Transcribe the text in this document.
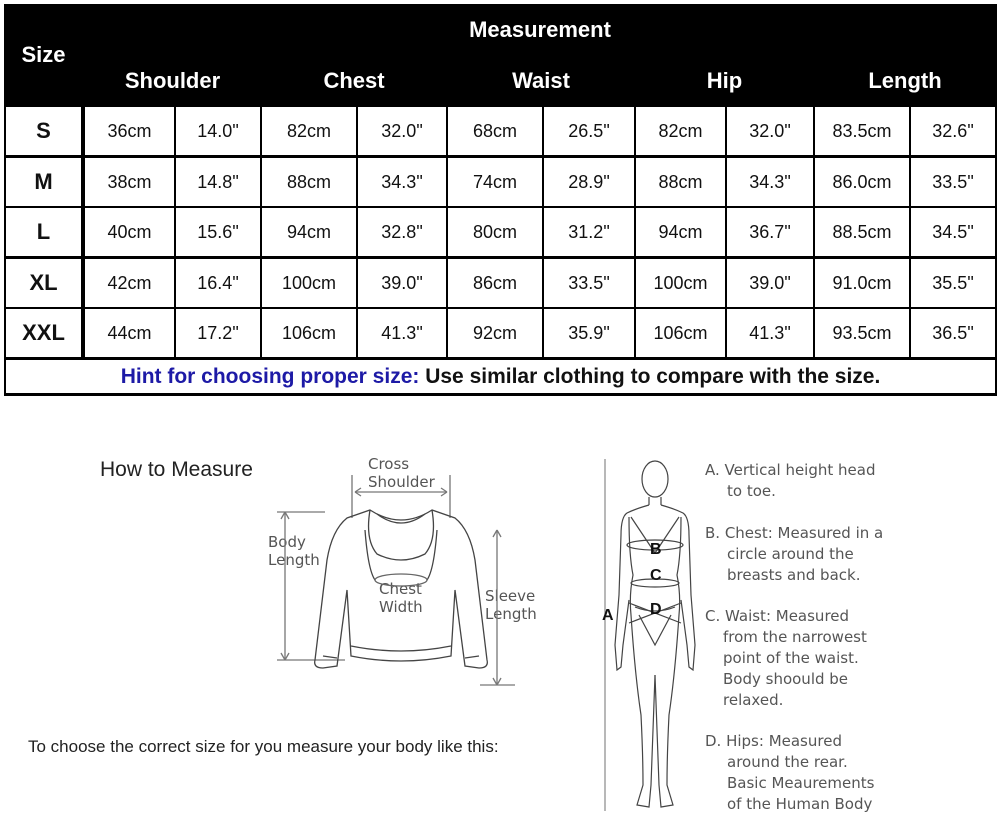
Size
Measurement
Shoulder	Chest	Waist	Hip	Length
S	36cm	14.0"	82cm	32.0"	68cm	26.5"	82cm	32.0"	83.5cm	32.6"
M	38cm	14.8"	88cm	34.3"	74cm	28.9"	88cm	34.3"	86.0cm	33.5"
L	40cm	15.6"	94cm	32.8"	80cm	31.2"	94cm	36.7"	88.5cm	34.5"
XL	42cm	16.4"	100cm	39.0"	86cm	33.5"	100cm	39.0"	91.0cm	35.5"
XXL	44cm	17.2"	106cm	41.3"	92cm	35.9"	106cm	41.3"	93.5cm	36.5"
Hint for choosing proper size: Use similar clothing to compare with the size.
How to Measure	Cross
Shoulder
Body
Length
Chest
Width
Sleeve
Length
To choose the correct size for you measure your body like this:
A
B
C
D
A. Vertical height head
to toe.
B. Chest: Measured in a
circle around the
breasts and back.
C. Waist: Measured
from the narrowest
point of the waist.
Body shoould be
relaxed.
D. Hips: Measured
around the rear.
Basic Meaurements
of the Human Body
